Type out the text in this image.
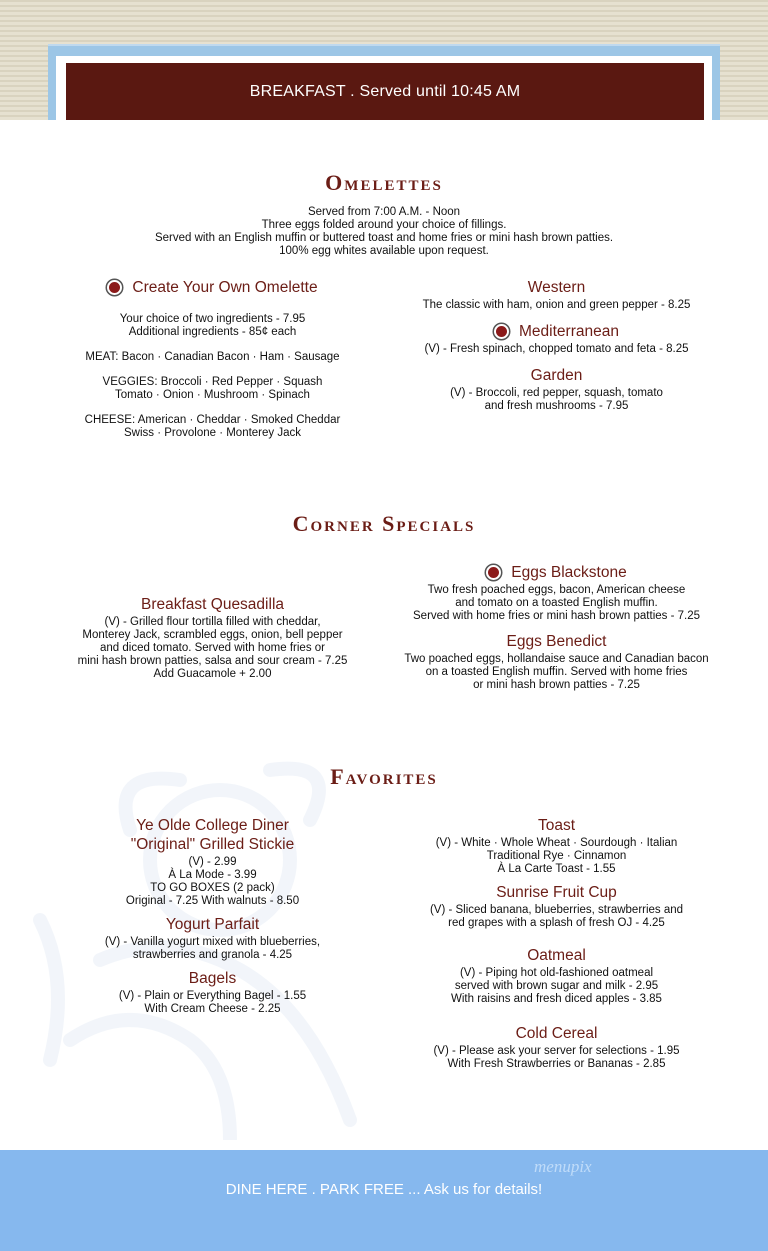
BREAKFAST . Served until 10:45 AM
Omelettes
Served from 7:00 A.M. - Noon
Three eggs folded around your choice of fillings.
Served with an English muffin or buttered toast and home fries or mini hash brown patties.
100% egg whites available upon request.
Create Your Own Omelette
Your choice of two ingredients - 7.95
Additional ingredients - 85¢ each
MEAT: Bacon · Canadian Bacon · Ham · Sausage
VEGGIES: Broccoli · Red Pepper · Squash
Tomato · Onion · Mushroom · Spinach
CHEESE: American · Cheddar · Smoked Cheddar
Swiss · Provolone · Monterey Jack
Western
The classic with ham, onion and green pepper - 8.25
Mediterranean
(V) - Fresh spinach, chopped tomato and feta - 8.25
Garden
(V) - Broccoli, red pepper, squash, tomato
and fresh mushrooms - 7.95
Corner Specials
Breakfast Quesadilla
(V) - Grilled flour tortilla filled with cheddar,
Monterey Jack, scrambled eggs, onion, bell pepper
and diced tomato. Served with home fries or
mini hash brown patties, salsa and sour cream - 7.25
Add Guacamole + 2.00
Eggs Blackstone
Two fresh poached eggs, bacon, American cheese
and tomato on a toasted English muffin.
Served with home fries or mini hash brown patties - 7.25
Eggs Benedict
Two poached eggs, hollandaise sauce and Canadian bacon
on a toasted English muffin. Served with home fries
or mini hash brown patties - 7.25
Favorites
Ye Olde College Diner
"Original" Grilled Stickie
(V) - 2.99
À La Mode - 3.99
TO GO BOXES (2 pack)
Original - 7.25 With walnuts - 8.50
Yogurt Parfait
(V) - Vanilla yogurt mixed with blueberries,
strawberries and granola - 4.25
Bagels
(V) - Plain or Everything Bagel - 1.55
With Cream Cheese - 2.25
Toast
(V) - White · Whole Wheat · Sourdough · Italian
Traditional Rye · Cinnamon
À La Carte Toast - 1.55
Sunrise Fruit Cup
(V) - Sliced banana, blueberries, strawberries and
red grapes with a splash of fresh OJ - 4.25
Oatmeal
(V) - Piping hot old-fashioned oatmeal
served with brown sugar and milk - 2.95
With raisins and fresh diced apples - 3.85
Cold Cereal
(V) - Please ask your server for selections - 1.95
With Fresh Strawberries or Bananas - 2.85
menupix
DINE HERE . PARK FREE ... Ask us for details!
